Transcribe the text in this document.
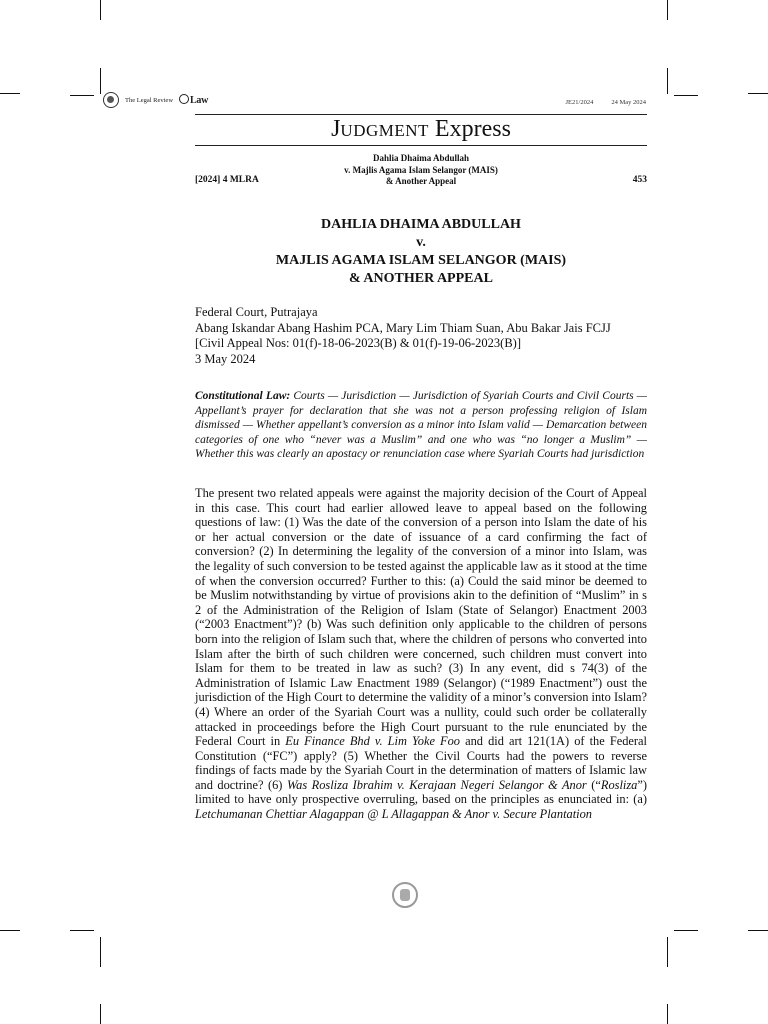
The Legal Review	Law	JE21/2024	24 May 2024
JUDGMENT Express
[2024] 4 MLRA
Dahlia Dhaima Abdullah
v. Majlis Agama Islam Selangor (MAIS)
& Another Appeal	453
DAHLIA DHAIMA ABDULLAH
v.
MAJLIS AGAMA ISLAM SELANGOR (MAIS)
& ANOTHER APPEAL
Federal Court, Putrajaya
Abang Iskandar Abang Hashim PCA, Mary Lim Thiam Suan, Abu Bakar Jais FCJJ
[Civil Appeal Nos: 01(f)-18-06-2023(B) & 01(f)-19-06-2023(B)]
3 May 2024
Constitutional Law: Courts — Jurisdiction — Jurisdiction of Syariah Courts and Civil Courts — Appellant’s prayer for declaration that she was not a person professing religion of Islam dismissed — Whether appellant’s conversion as a minor into Islam valid — Demarcation between categories of one who “never was a Muslim” and one who was “no longer a Muslim” — Whether this was clearly an apostacy or renunciation case where Syariah Courts had jurisdiction
The present two related appeals were against the majority decision of the Court of Appeal in this case. This court had earlier allowed leave to appeal based on the following questions of law: (1) Was the date of the conversion of a person into Islam the date of his or her actual conversion or the date of issuance of a card confirming the fact of conversion? (2) In determining the legality of the conversion of a minor into Islam, was the legality of such conversion to be tested against the applicable law as it stood at the time of when the conversion occurred? Further to this: (a) Could the said minor be deemed to be Muslim notwithstanding by virtue of provisions akin to the definition of “Muslim” in s 2 of the Administration of the Religion of Islam (State of Selangor) Enactment 2003 (“2003 Enactment”)? (b) Was such definition only applicable to the children of persons born into the religion of Islam such that, where the children of persons who converted into Islam after the birth of such children were concerned, such children must convert into Islam for them to be treated in law as such? (3) In any event, did s 74(3) of the Administration of Islamic Law Enactment 1989 (Selangor) (“1989 Enactment”) oust the jurisdiction of the High Court to determine the validity of a minor’s conversion into Islam? (4) Where an order of the Syariah Court was a nullity, could such order be collaterally attacked in proceedings before the High Court pursuant to the rule enunciated by the Federal Court in Eu Finance Bhd v. Lim Yoke Foo and did art 121(1A) of the Federal Constitution (“FC”) apply? (5) Whether the Civil Courts had the powers to reverse findings of facts made by the Syariah Court in the determination of matters of Islamic law and doctrine? (6) Was Rosliza Ibrahim v. Kerajaan Negeri Selangor & Anor (“Rosliza”) limited to have only prospective overruling, based on the principles as enunciated in: (a) Letchumanan Chettiar Alagappan @ L Allagappan & Anor v. Secure Plantation
